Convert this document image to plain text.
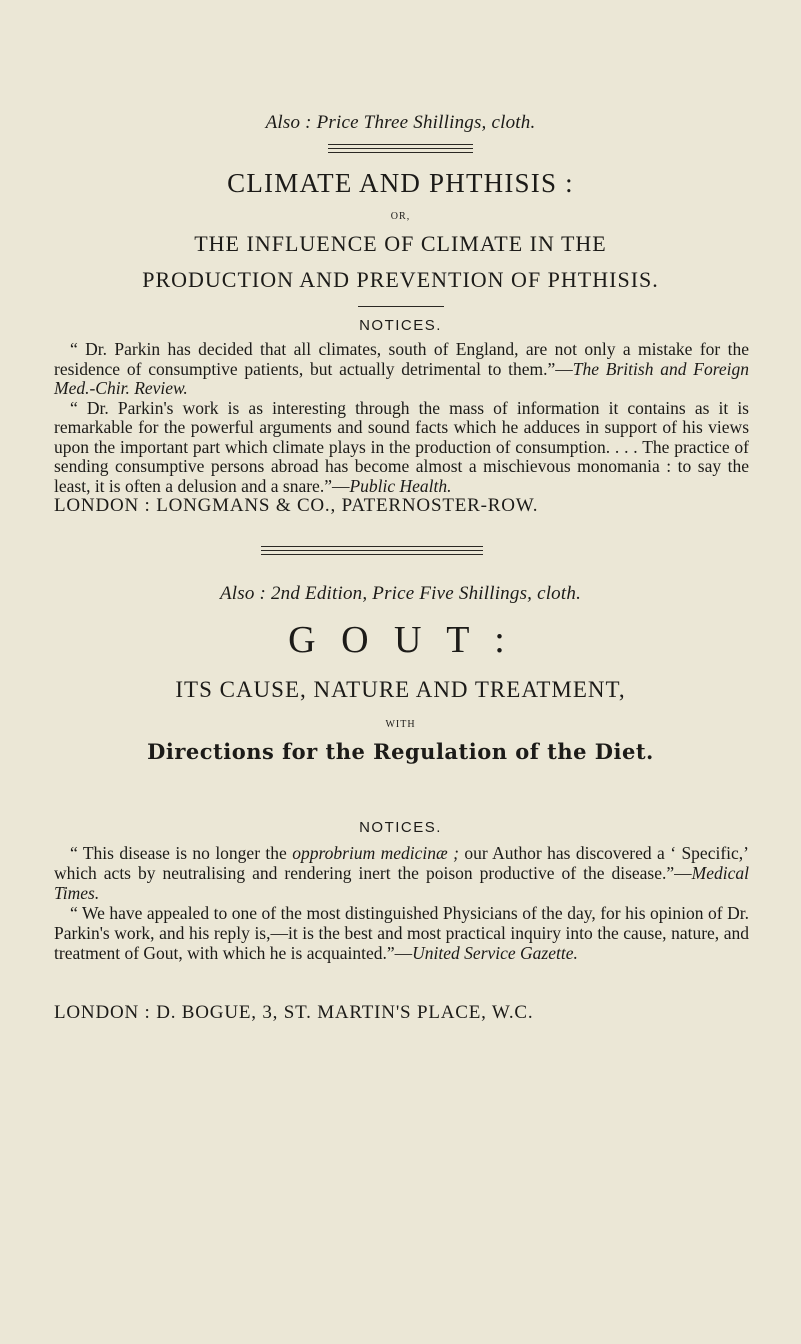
Also : Price Three Shillings, cloth.
CLIMATE AND PHTHISIS :
OR,
THE INFLUENCE OF CLIMATE IN THE
PRODUCTION AND PREVENTION OF PHTHISIS.
NOTICES.

“ Dr. Parkin has decided that all climates, south of England, are not only a mistake for the residence of consumptive patients, but actually detrimental to them.”—The British and Foreign Med.-Chir. Review.

“ Dr. Parkin's work is as interesting through the mass of information it contains as it is remarkable for the powerful arguments and sound facts which he adduces in support of his views upon the important part which climate plays in the production of consumption. . . . The practice of sending consumptive persons abroad has become almost a mischievous monomania : to say the least, it is often a delusion and a snare.”—Public Health.

LONDON : LONGMANS & CO., PATERNOSTER-ROW.
Also : 2nd Edition, Price Five Shillings, cloth.
G O U T :
ITS CAUSE, NATURE AND TREATMENT,
WITH
Directions for the Regulation of the Diet.
NOTICES.

“ This disease is no longer the opprobrium medicinæ ; our Author has discovered a ‘ Specific,’ which acts by neutralising and rendering inert the poison productive of the disease.”—Medical Times.

“ We have appealed to one of the most distinguished Physicians of the day, for his opinion of Dr. Parkin's work, and his reply is,—it is the best and most practical inquiry into the cause, nature, and treatment of Gout, with which he is acquainted.”—United Service Gazette.

LONDON : D. BOGUE, 3, ST. MARTIN'S PLACE, W.C.
